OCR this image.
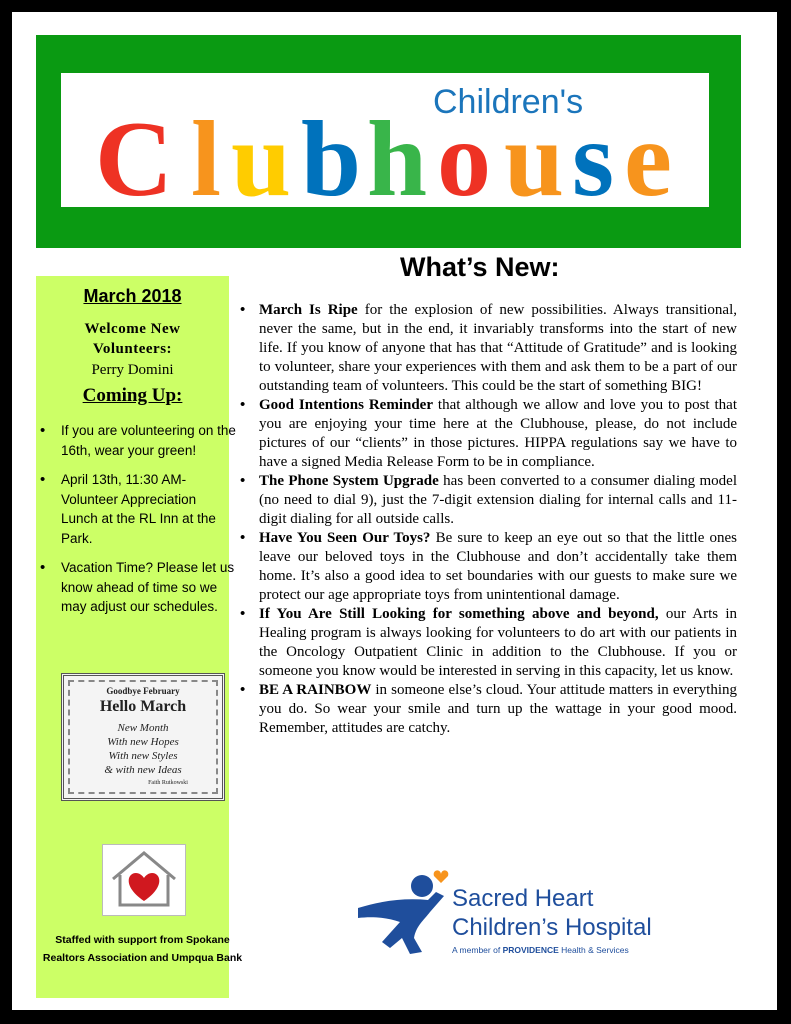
Children's
C l u b h o u s e
What’s New:
March 2018
Welcome New
Volunteers:
Perry Domini
Coming Up:
• If you are volunteering on the 16th, wear your green!
• April 13th, 11:30 AM-Volunteer Appreciation Lunch at the RL Inn at the Park.
• Vacation Time? Please let us know ahead of time so we may adjust our schedules.
Goodbye February
Hello March
New Month
With new Hopes
With new Styles
& with new Ideas
Faith Rutkowski
Staffed with support from Spokane Realtors Association and Umpqua Bank
• March Is Ripe for the explosion of new possibilities. Always transitional, never the same, but in the end, it invariably transforms into the start of new life. If you know of anyone that has that “Attitude of Gratitude” and is looking to volunteer, share your experiences with them and ask them to be a part of our outstanding team of volunteers. This could be the start of something BIG!
• Good Intentions Reminder that although we allow and love you to post that you are enjoying your time here at the Clubhouse, please, do not include pictures of our “clients” in those pictures. HIPPA regulations say we have to have a signed Media Release Form to be in compliance.
• The Phone System Upgrade has been converted to a consumer dialing model (no need to dial 9), just the 7-digit extension dialing for internal calls and 11-digit dialing for all outside calls.
• Have You Seen Our Toys? Be sure to keep an eye out so that the little ones leave our beloved toys in the Clubhouse and don’t accidentally take them home. It’s also a good idea to set boundaries with our guests to make sure we protect our age appropriate toys from unintentional damage.
• If You Are Still Looking for something above and beyond, our Arts in Healing program is always looking for volunteers to do art with our patients in the Oncology Outpatient Clinic in addition to the Clubhouse. If you or someone you know would be interested in serving in this capacity, let us know.
• BE A RAINBOW in someone else’s cloud. Your attitude matters in everything you do. So wear your smile and turn up the wattage in your good mood. Remember, attitudes are catchy.
Sacred Heart
Children’s Hospital
A member of PROVIDENCE Health & Services
